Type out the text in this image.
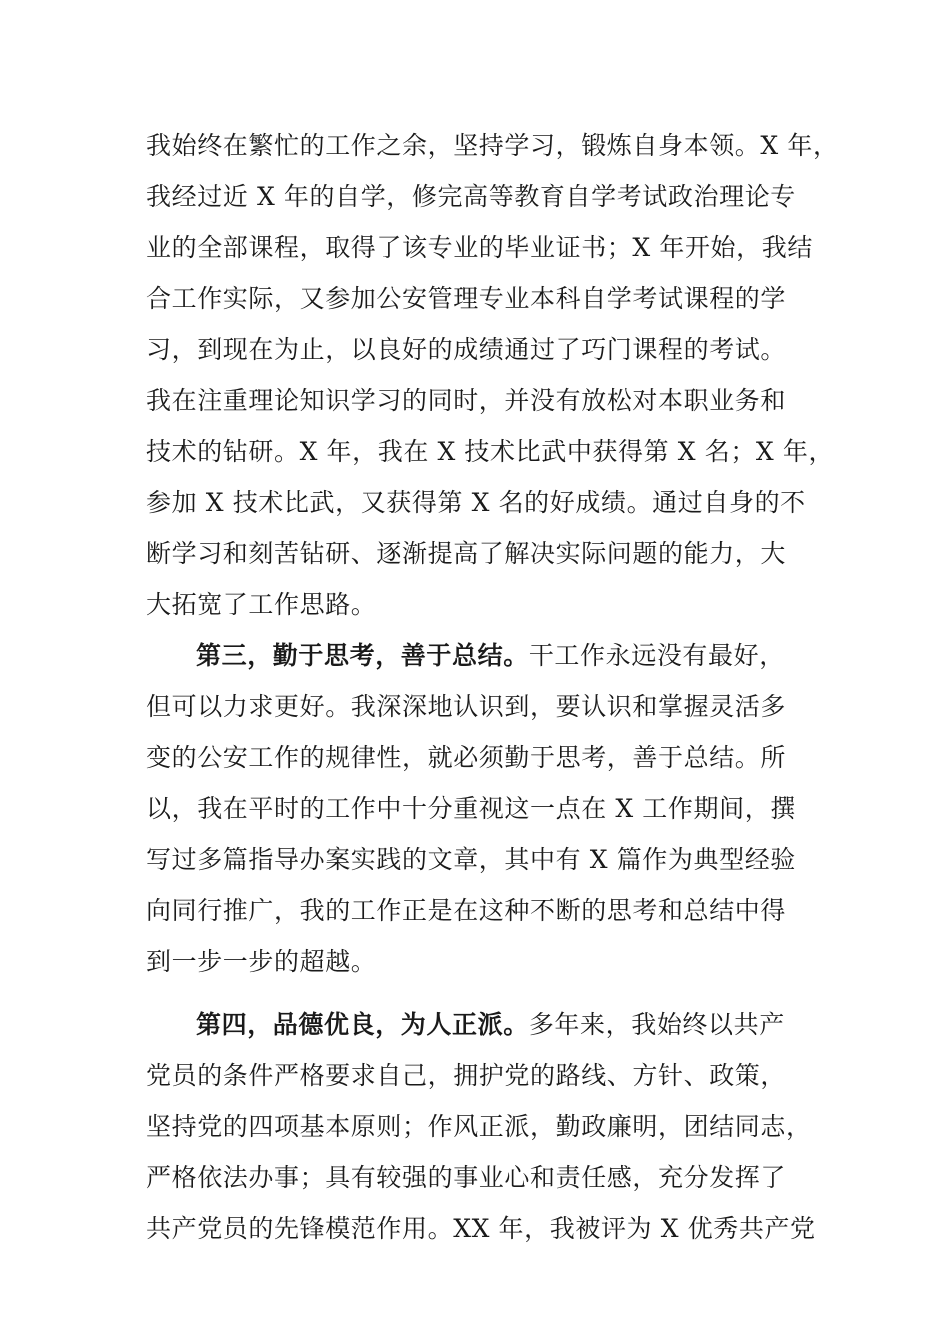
我始终在繁忙的工作之余，坚持学习，锻炼自身本领。X 年，
我经过近 X 年的自学，修完高等教育自学考试政治理论专
业的全部课程，取得了该专业的毕业证书；X 年开始，我结
合工作实际，又参加公安管理专业本科自学考试课程的学
习，到现在为止，以良好的成绩通过了巧门课程的考试。
我在注重理论知识学习的同时，并没有放松对本职业务和
技术的钻研。X 年，我在 X 技术比武中获得第 X 名；X 年，
参加 X 技术比武，又获得第 X 名的好成绩。通过自身的不
断学习和刻苦钻研、逐渐提高了解决实际问题的能力，大
大拓宽了工作思路。
第三，勤于思考，善于总结。干工作永远没有最好，
但可以力求更好。我深深地认识到，要认识和掌握灵活多
变的公安工作的规律性，就必须勤于思考，善于总结。所
以，我在平时的工作中十分重视这一点在 X 工作期间，撰
写过多篇指导办案实践的文章，其中有 X 篇作为典型经验
向同行推广，我的工作正是在这种不断的思考和总结中得
到一步一步的超越。
第四，品德优良，为人正派。多年来，我始终以共产
党员的条件严格要求自己，拥护党的路线、方针、政策，
坚持党的四项基本原则；作风正派，勤政廉明，团结同志，
严格依法办事；具有较强的事业心和责任感，充分发挥了
共产党员的先锋模范作用。XX 年，我被评为 X 优秀共产党
